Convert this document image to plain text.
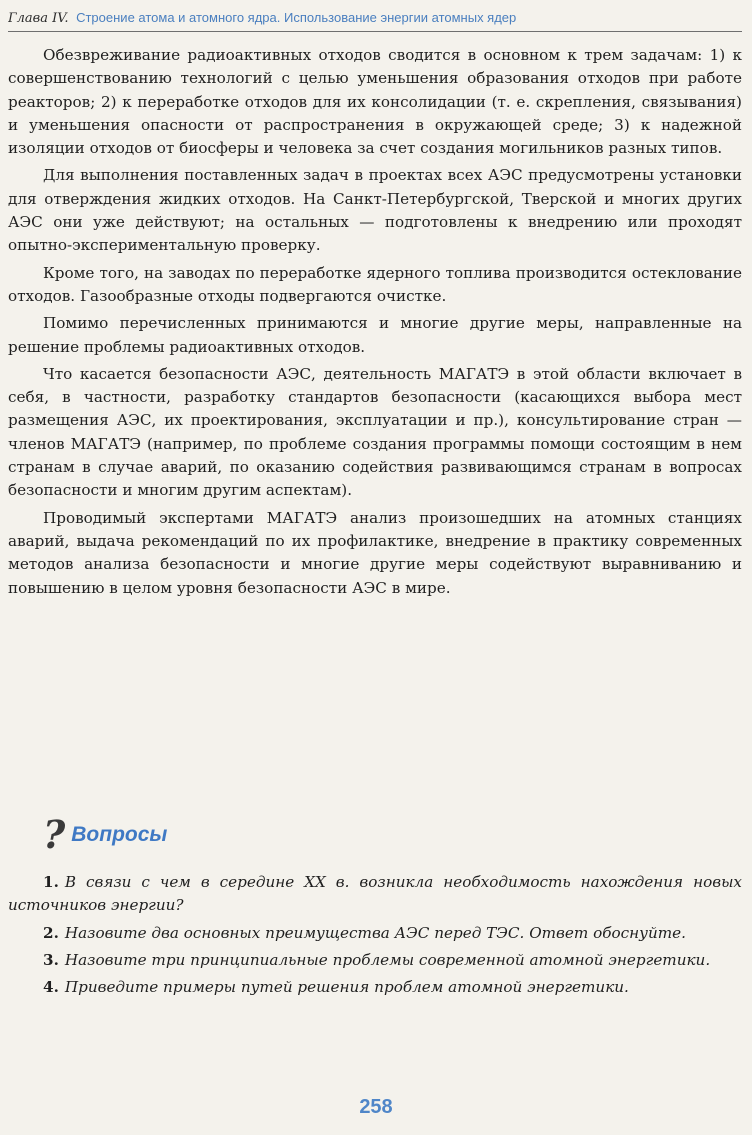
Глава IV. Строение атома и атомного ядра. Использование энергии атомных ядер

Обезвреживание радиоактивных отходов сводится в основном к трем задачам: 1) к совершенствованию технологий с целью уменьшения образования отходов при работе реакторов; 2) к переработке отходов для их консолидации (т. е. скрепления, связывания) и уменьшения опасности от распространения в окружающей среде; 3) к надежной изоляции отходов от биосферы и человека за счет создания могильников разных типов.

Для выполнения поставленных задач в проектах всех АЭС предусмотрены установки для отверждения жидких отходов. На Санкт-Петербургской, Тверской и многих других АЭС они уже действуют; на остальных — подготовлены к внедрению или проходят опытно-экспериментальную проверку.

Кроме того, на заводах по переработке ядерного топлива производится остеклование отходов. Газообразные отходы подвергаются очистке.

Помимо перечисленных принимаются и многие другие меры, направленные на решение проблемы радиоактивных отходов.

Что касается безопасности АЭС, деятельность МАГАТЭ в этой области включает в себя, в частности, разработку стандартов безопасности (касающихся выбора мест размещения АЭС, их проектирования, эксплуатации и пр.), консультирование стран — членов МАГАТЭ (например, по проблеме создания программы помощи состоящим в нем странам в случае аварий, по оказанию содействия развивающимся странам в вопросах безопасности и многим другим аспектам).

Проводимый экспертами МАГАТЭ анализ произошедших на атомных станциях аварий, выдача рекомендаций по их профилактике, внедрение в практику современных методов анализа безопасности и многие другие меры содействуют выравниванию и повышению в целом уровня безопасности АЭС в мире.

? Вопросы

1. В связи с чем в середине XX в. возникла необходимость нахождения новых источников энергии?

2. Назовите два основных преимущества АЭС перед ТЭС. Ответ обоснуйте.

3. Назовите три принципиальные проблемы современной атомной энергетики.

4. Приведите примеры путей решения проблем атомной энергетики.

258
